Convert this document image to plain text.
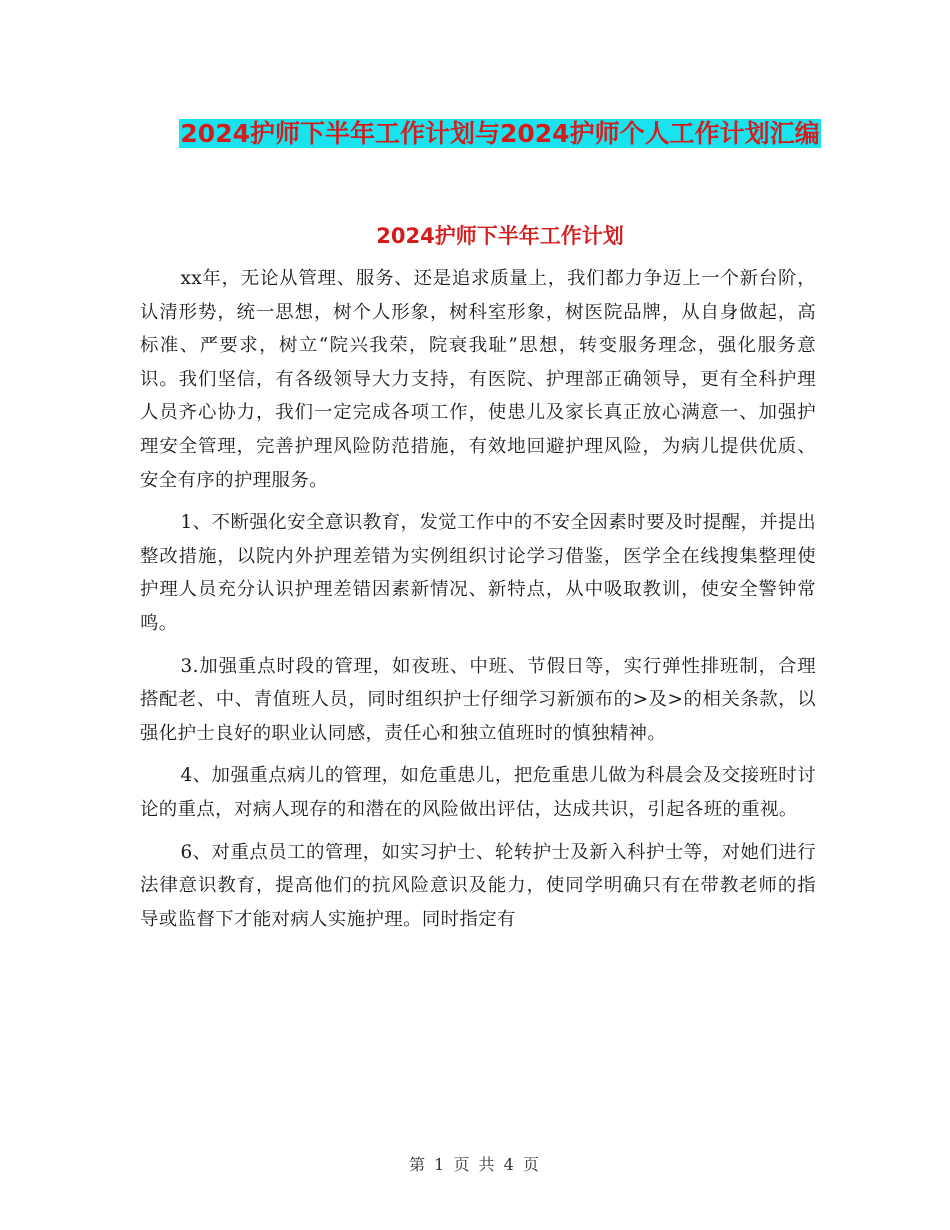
2024护师下半年工作计划与2024护师个人工作计划汇编
2024护师下半年工作计划

xx年，无论从管理、服务、还是追求质量上，我们都力争迈上一个新台阶，认清形势，统一思想，树个人形象，树科室形象，树医院品牌，从自身做起，高标准、严要求，树立“院兴我荣，院衰我耻”思想，转变服务理念，强化服务意识。我们坚信，有各级领导大力支持，有医院、护理部正确领导，更有全科护理人员齐心协力，我们一定完成各项工作，使患儿及家长真正放心满意一、加强护理安全管理，完善护理风险防范措施，有效地回避护理风险，为病儿提供优质、安全有序的护理服务。

1、不断强化安全意识教育，发觉工作中的不安全因素时要及时提醒，并提出整改措施，以院内外护理差错为实例组织讨论学习借鉴，医学全在线搜集整理使护理人员充分认识护理差错因素新情况、新特点，从中吸取教训，使安全警钟常鸣。

3.加强重点时段的管理，如夜班、中班、节假日等，实行弹性排班制，合理搭配老、中、青值班人员，同时组织护士仔细学习新颁布的>及>的相关条款，以强化护士良好的职业认同感，责任心和独立值班时的慎独精神。

4、加强重点病儿的管理，如危重患儿，把危重患儿做为科晨会及交接班时讨论的重点，对病人现存的和潜在的风险做出评估，达成共识，引起各班的重视。

6、对重点员工的管理，如实习护士、轮转护士及新入科护士等，对她们进行法律意识教育，提高他们的抗风险意识及能力，使同学明确只有在带教老师的指导或监督下才能对病人实施护理。同时指定有

第 1 页 共 4 页
